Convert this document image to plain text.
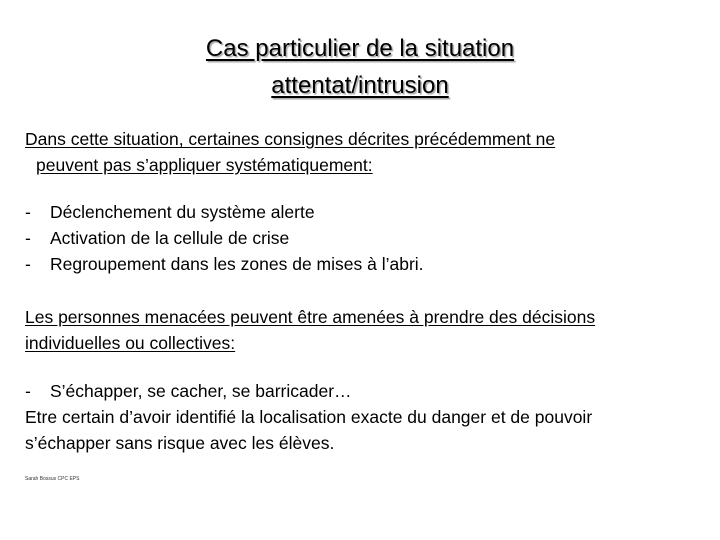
Cas particulier de la situation
attentat/intrusion
Dans cette situation, certaines consignes décrites précédemment ne
peuvent pas s’appliquer systématiquement:
-	Déclenchement du système alerte
-	Activation de la cellule de crise
-	Regroupement dans les zones de mises à l’abri.
Les personnes menacées peuvent être amenées à prendre des décisions
individuelles ou collectives:
-	S’échapper, se cacher, se barricader…
Etre certain d’avoir identifié la localisation exacte du danger et de pouvoir
s’échapper sans risque avec les élèves.
Sarah Bossus CPC EPS
